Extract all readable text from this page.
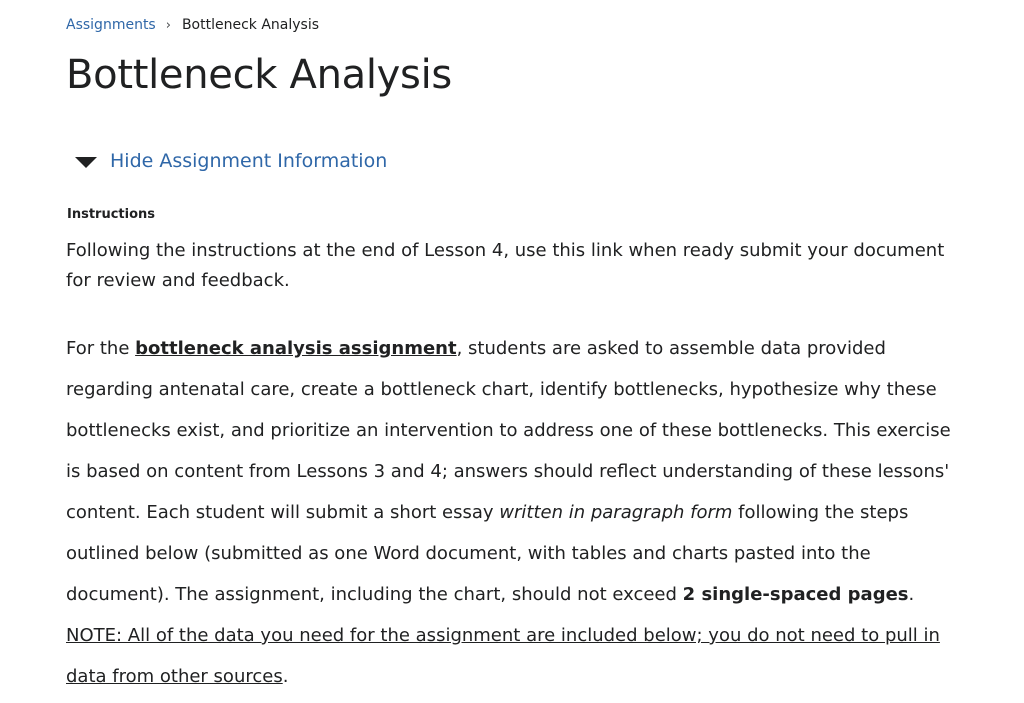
Assignments › Bottleneck Analysis
Bottleneck Analysis
Hide Assignment Information
Instructions

Following the instructions at the end of Lesson 4, use this link when ready submit your document for review and feedback.

For the bottleneck analysis assignment, students are asked to assemble data provided regarding antenatal care, create a bottleneck chart, identify bottlenecks, hypothesize why these bottlenecks exist, and prioritize an intervention to address one of these bottlenecks. This exercise is based on content from Lessons 3 and 4; answers should reflect understanding of these lessons' content. Each student will submit a short essay written in paragraph form following the steps outlined below (submitted as one Word document, with tables and charts pasted into the document). The assignment, including the chart, should not exceed 2 single-spaced pages. NOTE: All of the data you need for the assignment are included below; you do not need to pull in data from other sources.
